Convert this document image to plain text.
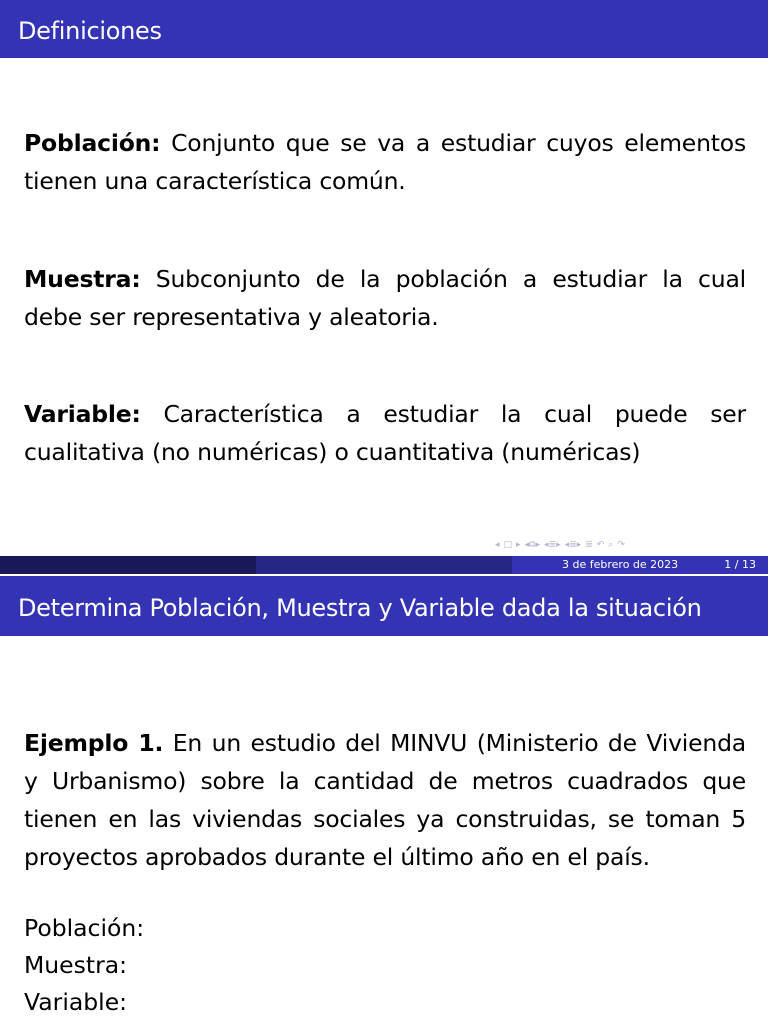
Definiciones
Población: Conjunto que se va a estudiar cuyos elementos tienen una característica común.
Muestra: Subconjunto de la población a estudiar la cual debe ser representativa y aleatoria.
Variable: Característica a estudiar la cual puede ser cualitativa (no numéricas) o cuantitativa (numéricas)
◂ □ ▸ ◂⧉▸ ◂≣▸ ◂≣▸ ≣ ↶ ⌕ ↷
3 de febrero de 2023	1 / 13
Determina Población, Muestra y Variable dada la situación
Ejemplo 1. En un estudio del MINVU (Ministerio de Vivienda y Urbanismo) sobre la cantidad de metros cuadrados que tienen en las viviendas sociales ya construidas, se toman 5 proyectos aprobados durante el último año en el país.
Población:
Muestra:
Variable:
